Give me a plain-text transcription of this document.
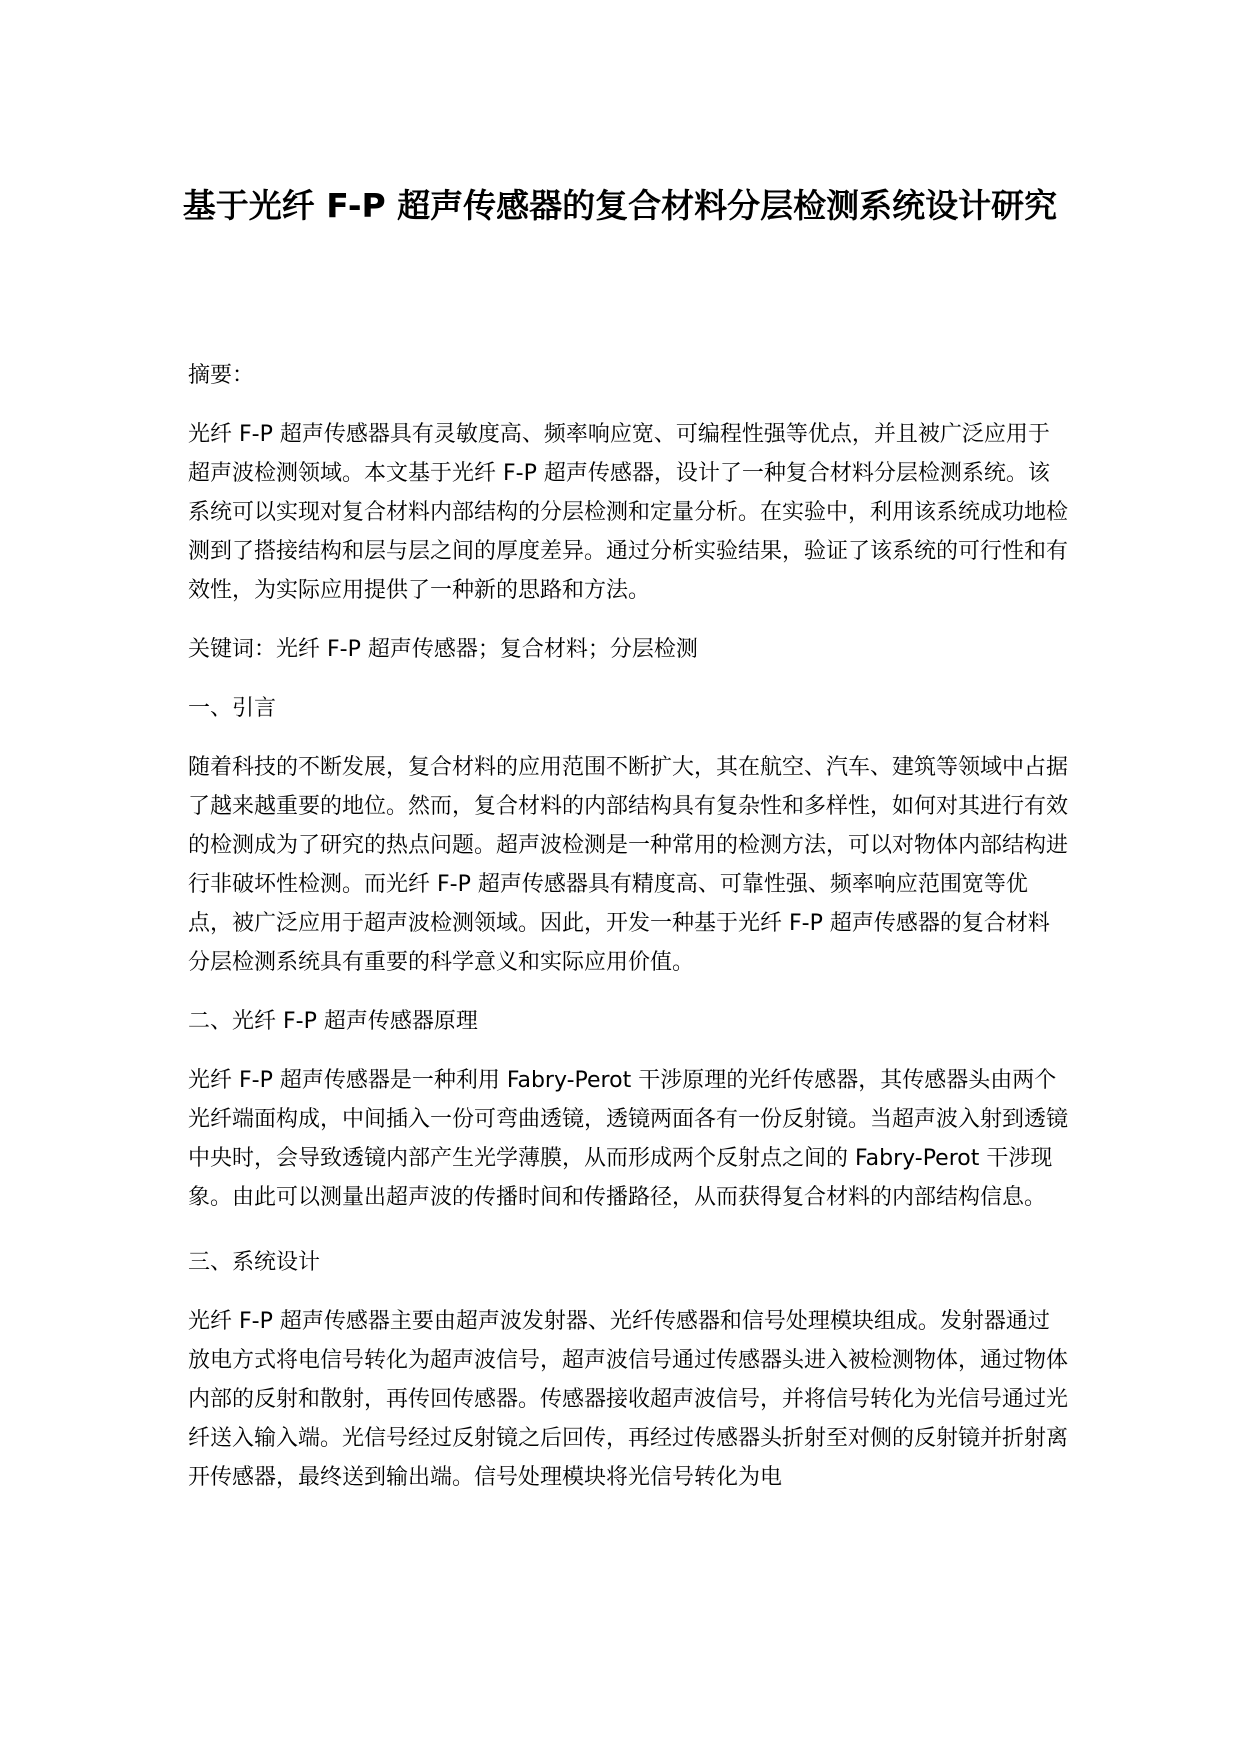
基于光纤 F-P 超声传感器的复合材料分层检测系统设计研究

摘要：

光纤 F-P 超声传感器具有灵敏度高、频率响应宽、可编程性强等优点，并且被广泛应用于超声波检测领域。本文基于光纤 F-P 超声传感器，设计了一种复合材料分层检测系统。该系统可以实现对复合材料内部结构的分层检测和定量分析。在实验中，利用该系统成功地检测到了搭接结构和层与层之间的厚度差异。通过分析实验结果，验证了该系统的可行性和有效性，为实际应用提供了一种新的思路和方法。

关键词：光纤 F-P 超声传感器；复合材料；分层检测

一、引言

随着科技的不断发展，复合材料的应用范围不断扩大，其在航空、汽车、建筑等领域中占据了越来越重要的地位。然而，复合材料的内部结构具有复杂性和多样性，如何对其进行有效的检测成为了研究的热点问题。超声波检测是一种常用的检测方法，可以对物体内部结构进行非破坏性检测。而光纤 F-P 超声传感器具有精度高、可靠性强、频率响应范围宽等优点，被广泛应用于超声波检测领域。因此，开发一种基于光纤 F-P 超声传感器的复合材料分层检测系统具有重要的科学意义和实际应用价值。

二、光纤 F-P 超声传感器原理

光纤 F-P 超声传感器是一种利用 Fabry-Perot 干涉原理的光纤传感器，其传感器头由两个光纤端面构成，中间插入一份可弯曲透镜，透镜两面各有一份反射镜。当超声波入射到透镜中央时，会导致透镜内部产生光学薄膜，从而形成两个反射点之间的 Fabry-Perot 干涉现象。由此可以测量出超声波的传播时间和传播路径，从而获得复合材料的内部结构信息。

三、系统设计

光纤 F-P 超声传感器主要由超声波发射器、光纤传感器和信号处理模块组成。发射器通过放电方式将电信号转化为超声波信号，超声波信号通过传感器头进入被检测物体，通过物体内部的反射和散射，再传回传感器。传感器接收超声波信号，并将信号转化为光信号通过光纤送入输入端。光信号经过反射镜之后回传，再经过传感器头折射至对侧的反射镜并折射离开传感器，最终送到输出端。信号处理模块将光信号转化为电
